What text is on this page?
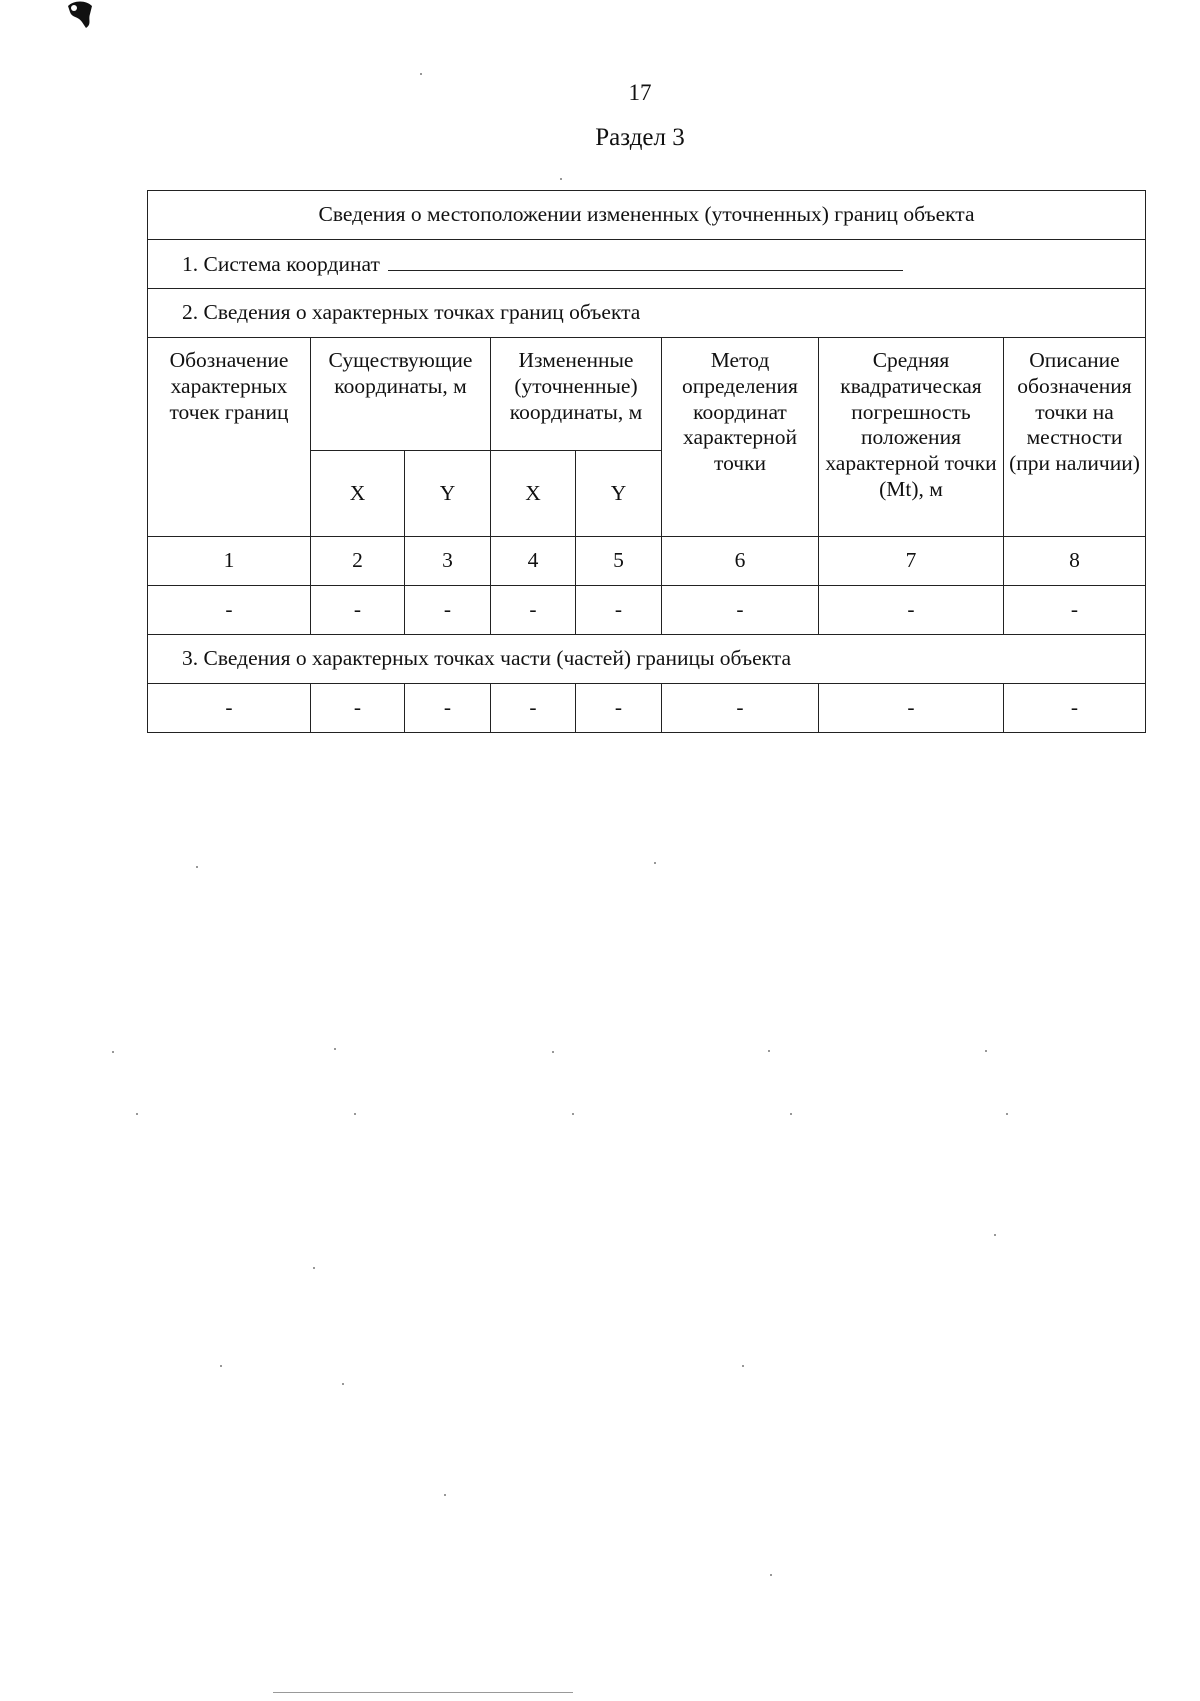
17
Раздел 3
Сведения о местоположении измененных (уточненных) границ объекта							
1. Система координат							
2. Сведения о характерных точках границ объекта							
Обозначение характерных точек границ	Существующие координаты, м		Измененные (уточненные) координаты, м		Метод определения координат характерной точки	Средняя квадратическая погрешность положения характерной точки (Mt), м	Описание обозначения точки на местности (при наличии)
	X	Y	X	Y			
1	2	3	4	5	6	7	8
-	-	-	-	-	-	-	-
3. Сведения о характерных точках части (частей) границы объекта							
-	-	-	-	-	-	-	-
